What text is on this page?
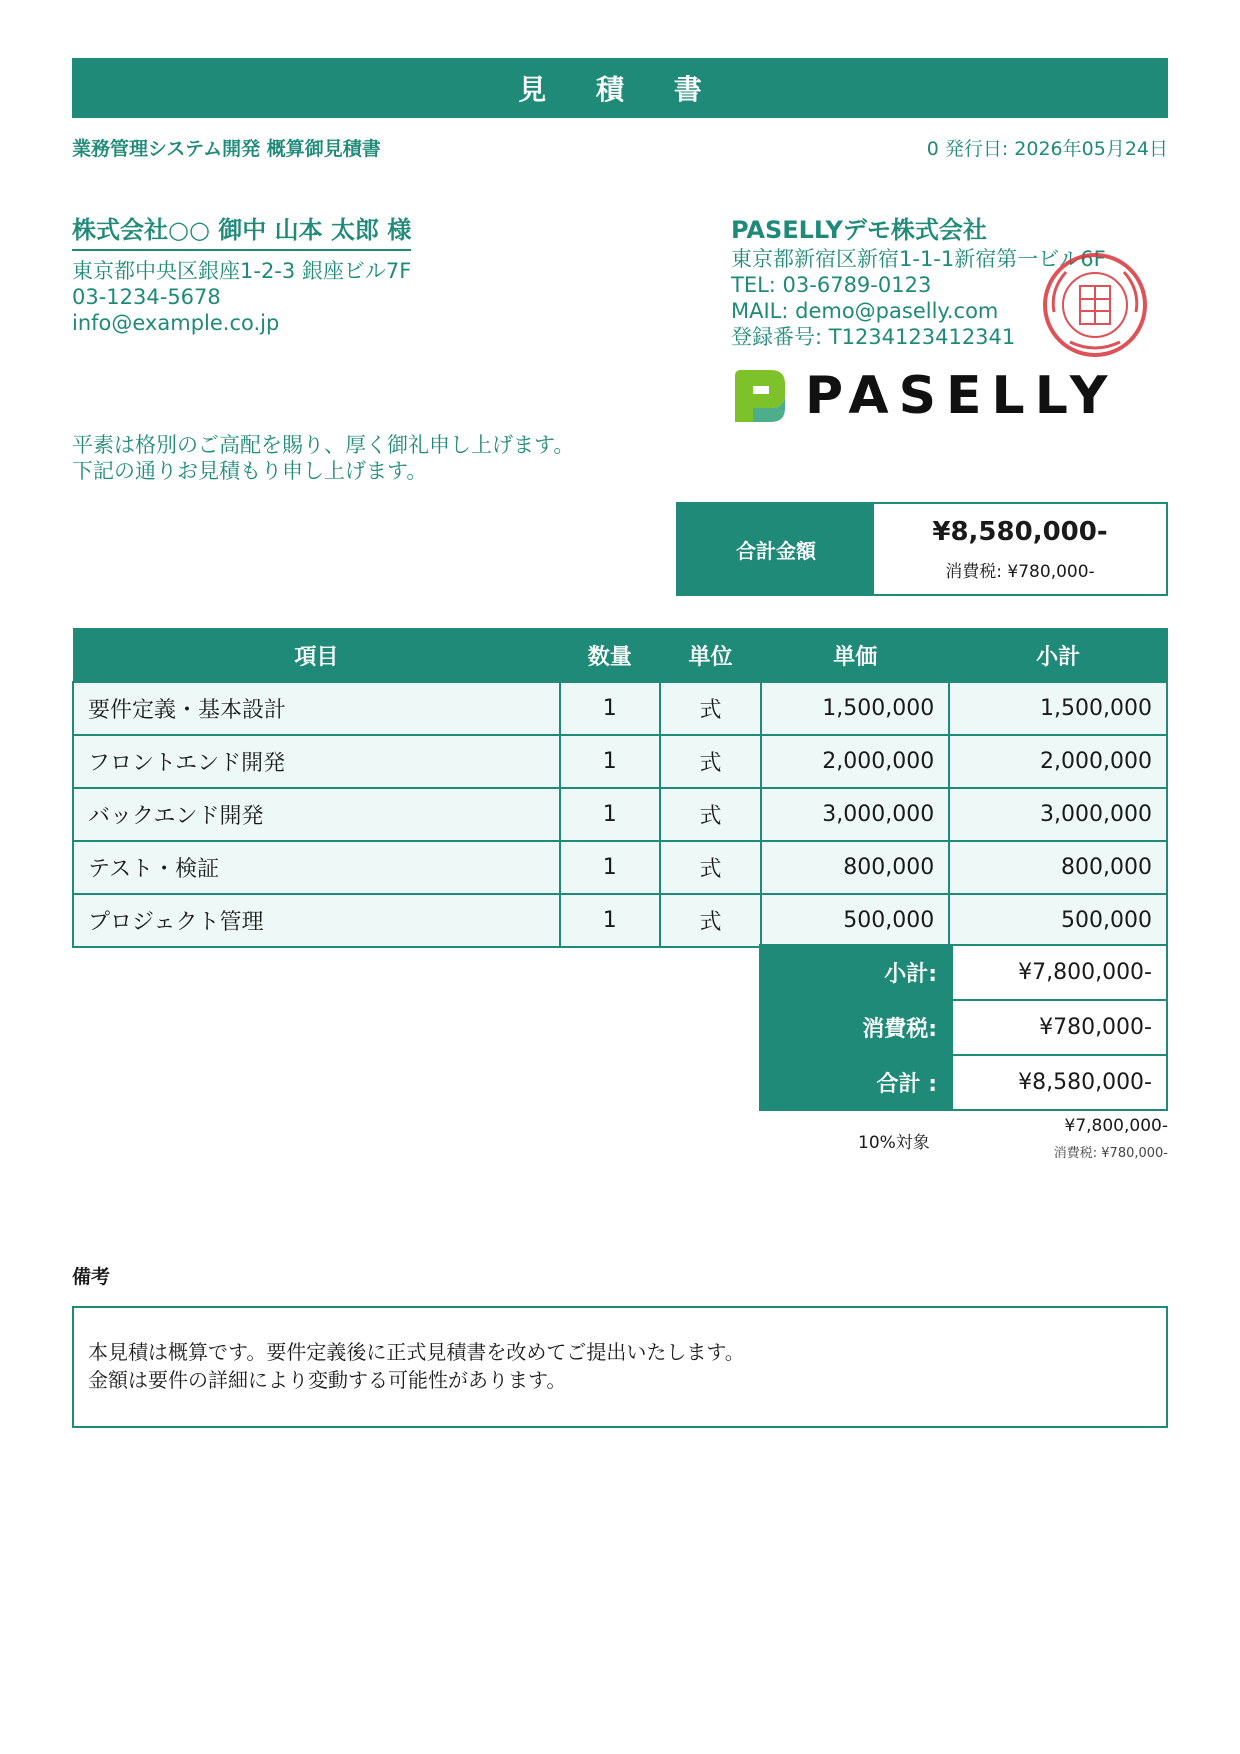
見 積 書
業務管理システム開発 概算御見積書	0 発行日: 2026年05月24日
株式会社○○ 御中 山本 太郎 様
東京都中央区銀座1-2-3 銀座ビル7F
03-1234-5678
info@example.co.jp
PASELLYデモ株式会社
東京都新宿区新宿1-1-1新宿第一ビル6F
TEL: 03-6789-0123
MAIL: demo@paselly.com
登録番号: T1234123412341
PASELLY
平素は格別のご高配を賜り、厚く御礼申し上げます。
下記の通りお見積もり申し上げます。
合計金額
¥8,580,000-
消費税: ¥780,000-
項目	数量	単位	単価	小計
要件定義・基本設計	1	式	1,500,000	1,500,000
フロントエンド開発	1	式	2,000,000	2,000,000
バックエンド開発	1	式	3,000,000	3,000,000
テスト・検証	1	式	800,000	800,000
プロジェクト管理	1	式	500,000	500,000
小計:	¥7,800,000-
消費税:	¥780,000-
合計 :	¥8,580,000-
10%対象
¥7,800,000-
消費税: ¥780,000-
備考
本見積は概算です。要件定義後に正式見積書を改めてご提出いたします。
金額は要件の詳細により変動する可能性があります。
